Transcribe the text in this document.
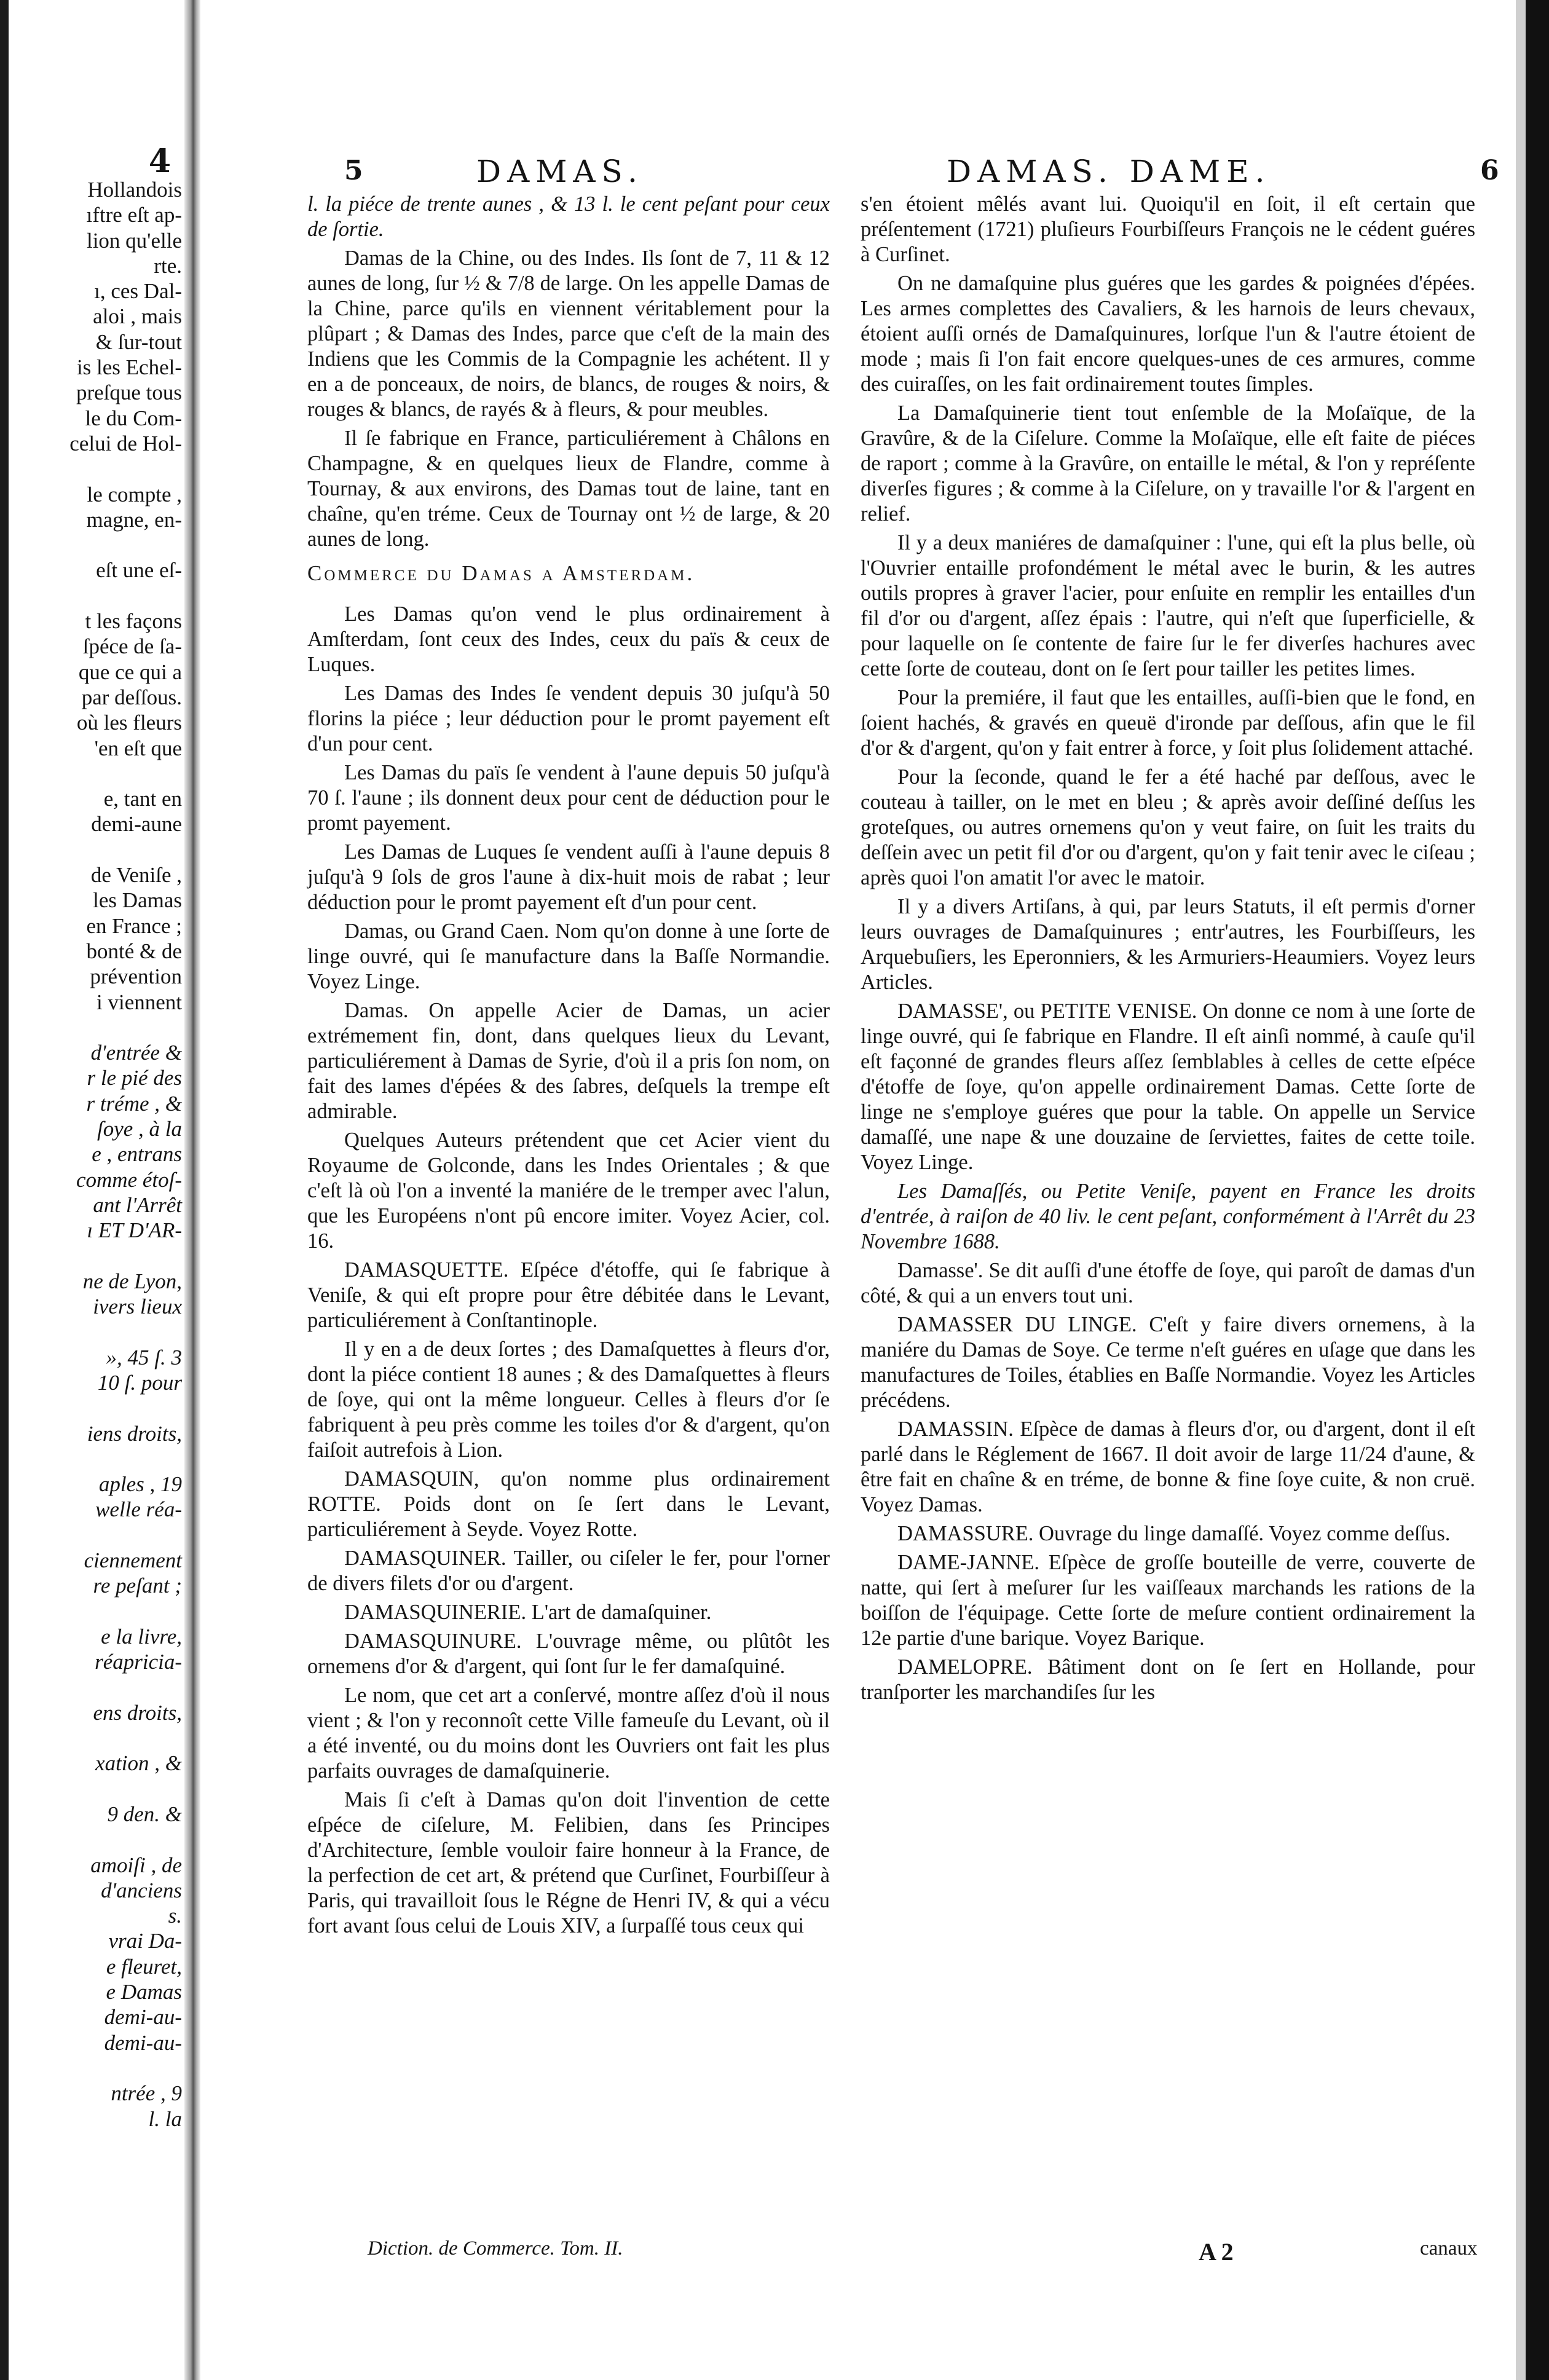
4

Hollandois
ıftre eſt ap-
lion qu'elle
rte.
ı, ces Dal-
aloi , mais
& ſur-tout
is les Echel-
preſque tous
le du Com-
celui de Hol-
le compte ,
magne, en-
eſt une eſ-
t les façons
ſpéce de ſa-
que ce qui a
par deſſous.
où les fleurs
'en eſt que
e, tant en
demi-aune
de Veniſe ,
les Damas
en France ;
bonté & de
prévention
i viennent
d'entrée &
r le pié des
r tréme , &
ſoye , à la
e , entrans
comme étoſ-
ant l'Arrêt
ı ET D'AR-
ne de Lyon,
ivers lieux
», 45 ſ. 3
10 ſ. pour
iens droits,
aples , 19
welle réa-
ciennement
re peſant ;
e la livre,
réapricia-
ens droits,
xation , &
9 den. &
amoiſi , de
d'anciens
s.
vrai Da-
e fleuret,
e Damas
demi-au-
demi-au-
ntrée , 9
l. la

5	DAMAS.	DAMAS. DAME.	6

l. la piéce de trente aunes , & 13 l. le cent peſant pour ceux de ſortie.

Damas de la Chine, ou des Indes. Ils ſont de 7, 11 & 12 aunes de long, ſur ½ & 7/8 de large. On les appelle Damas de la Chine, parce qu'ils en viennent véritablement pour la plûpart ; & Damas des Indes, parce que c'eſt de la main des Indiens que les Commis de la Compagnie les achétent. Il y en a de ponceaux, de noirs, de blancs, de rouges & noirs, & rouges & blancs, de rayés & à fleurs, & pour meubles.

Il ſe fabrique en France, particuliérement à Châlons en Champagne, & en quelques lieux de Flandre, comme à Tournay, & aux environs, des Damas tout de laine, tant en chaîne, qu'en tréme. Ceux de Tournay ont ½ de large, & 20 aunes de long.

Commerce du Damas a Amsterdam.

Les Damas qu'on vend le plus ordinairement à Amſterdam, ſont ceux des Indes, ceux du païs & ceux de Luques.

Les Damas des Indes ſe vendent depuis 30 juſqu'à 50 florins la piéce ; leur déduction pour le promt payement eſt d'un pour cent.

Les Damas du païs ſe vendent à l'aune depuis 50 juſqu'à 70 ſ. l'aune ; ils donnent deux pour cent de déduction pour le promt payement.

Les Damas de Luques ſe vendent auſſi à l'aune depuis 8 juſqu'à 9 ſols de gros l'aune à dix-huit mois de rabat ; leur déduction pour le promt payement eſt d'un pour cent.

Damas, ou Grand Caen. Nom qu'on donne à une ſorte de linge ouvré, qui ſe manufacture dans la Baſſe Normandie. Voyez Linge.

Damas. On appelle Acier de Damas, un acier extrémement fin, dont, dans quelques lieux du Levant, particuliérement à Damas de Syrie, d'où il a pris ſon nom, on fait des lames d'épées & des ſabres, deſquels la trempe eſt admirable.

Quelques Auteurs prétendent que cet Acier vient du Royaume de Golconde, dans les Indes Orientales ; & que c'eſt là où l'on a inventé la maniére de le tremper avec l'alun, que les Européens n'ont pû encore imiter. Voyez Acier, col. 16.

DAMASQUETTE. Eſpéce d'étoffe, qui ſe fabrique à Veniſe, & qui eſt propre pour être débitée dans le Levant, particuliérement à Conſtantinople.

Il y en a de deux ſortes ; des Damaſquettes à fleurs d'or, dont la piéce contient 18 aunes ; & des Damaſquettes à fleurs de ſoye, qui ont la même longueur. Celles à fleurs d'or ſe fabriquent à peu près comme les toiles d'or & d'argent, qu'on faiſoit autrefois à Lion.

DAMASQUIN, qu'on nomme plus ordinairement ROTTE. Poids dont on ſe ſert dans le Levant, particuliérement à Seyde. Voyez Rotte.

DAMASQUINER. Tailler, ou ciſeler le fer, pour l'orner de divers filets d'or ou d'argent.

DAMASQUINERIE. L'art de damaſquiner.

DAMASQUINURE. L'ouvrage même, ou plûtôt les ornemens d'or & d'argent, qui ſont ſur le fer damaſquiné.

Le nom, que cet art a conſervé, montre aſſez d'où il nous vient ; & l'on y reconnoît cette Ville fameuſe du Levant, où il a été inventé, ou du moins dont les Ouvriers ont fait les plus parfaits ouvrages de damaſquinerie.

Mais ſi c'eſt à Damas qu'on doit l'invention de cette eſpéce de ciſelure, M. Felibien, dans ſes Principes d'Architecture, ſemble vouloir faire honneur à la France, de la perfection de cet art, & prétend que Curſinet, Fourbiſſeur à Paris, qui travailloit ſous le Régne de Henri IV, & qui a vécu fort avant ſous celui de Louis XIV, a ſurpaſſé tous ceux qui

s'en étoient mêlés avant lui. Quoiqu'il en ſoit, il eſt certain que préſentement (1721) pluſieurs Fourbiſſeurs François ne le cédent guéres à Curſinet.

On ne damaſquine plus guéres que les gardes & poignées d'épées. Les armes complettes des Cavaliers, & les harnois de leurs chevaux, étoient auſſi ornés de Damaſquinures, lorſque l'un & l'autre étoient de mode ; mais ſi l'on fait encore quelques-unes de ces armures, comme des cuiraſſes, on les fait ordinairement toutes ſimples.

La Damaſquinerie tient tout enſemble de la Moſaïque, de la Gravûre, & de la Ciſelure. Comme la Moſaïque, elle eſt faite de piéces de raport ; comme à la Gravûre, on entaille le métal, & l'on y repréſente diverſes figures ; & comme à la Ciſelure, on y travaille l'or & l'argent en relief.

Il y a deux maniéres de damaſquiner : l'une, qui eſt la plus belle, où l'Ouvrier entaille profondément le métal avec le burin, & les autres outils propres à graver l'acier, pour enſuite en remplir les entailles d'un fil d'or ou d'argent, aſſez épais : l'autre, qui n'eſt que ſuperficielle, & pour laquelle on ſe contente de faire ſur le fer diverſes hachures avec cette ſorte de couteau, dont on ſe ſert pour tailler les petites limes.

Pour la premiére, il faut que les entailles, auſſi-bien que le fond, en ſoient hachés, & gravés en queuë d'ironde par deſſous, afin que le fil d'or & d'argent, qu'on y fait entrer à force, y ſoit plus ſolidement attaché.

Pour la ſeconde, quand le fer a été haché par deſſous, avec le couteau à tailler, on le met en bleu ; & après avoir deſſiné deſſus les groteſques, ou autres ornemens qu'on y veut faire, on ſuit les traits du deſſein avec un petit fil d'or ou d'argent, qu'on y fait tenir avec le ciſeau ; après quoi l'on amatit l'or avec le matoir.

Il y a divers Artiſans, à qui, par leurs Statuts, il eſt permis d'orner leurs ouvrages de Damaſquinures ; entr'autres, les Fourbiſſeurs, les Arquebuſiers, les Eperonniers, & les Armuriers-Heaumiers. Voyez leurs Articles.

DAMASSE', ou PETITE VENISE. On donne ce nom à une ſorte de linge ouvré, qui ſe fabrique en Flandre. Il eſt ainſi nommé, à cauſe qu'il eſt façonné de grandes fleurs aſſez ſemblables à celles de cette eſpéce d'étoffe de ſoye, qu'on appelle ordinairement Damas. Cette ſorte de linge ne s'employe guéres que pour la table. On appelle un Service damaſſé, une nape & une douzaine de ſerviettes, faites de cette toile. Voyez Linge.

Les Damaſſés, ou Petite Veniſe, payent en France les droits d'entrée, à raiſon de 40 liv. le cent peſant, conformément à l'Arrêt du 23 Novembre 1688.

Damasse'. Se dit auſſi d'une étoffe de ſoye, qui paroît de damas d'un côté, & qui a un envers tout uni.

DAMASSER DU LINGE. C'eſt y faire divers ornemens, à la maniére du Damas de Soye. Ce terme n'eſt guéres en uſage que dans les manufactures de Toiles, établies en Baſſe Normandie. Voyez les Articles précédens.

DAMASSIN. Eſpèce de damas à fleurs d'or, ou d'argent, dont il eſt parlé dans le Réglement de 1667. Il doit avoir de large 11/24 d'aune, & être fait en chaîne & en tréme, de bonne & fine ſoye cuite, & non cruë. Voyez Damas.

DAMASSURE. Ouvrage du linge damaſſé. Voyez comme deſſus.

DAME-JANNE. Eſpèce de groſſe bouteille de verre, couverte de natte, qui ſert à meſurer ſur les vaiſſeaux marchands les rations de la boiſſon de l'équipage. Cette ſorte de meſure contient ordinairement la 12e partie d'une barique. Voyez Barique.

DAMELOPRE. Bâtiment dont on ſe ſert en Hollande, pour tranſporter les marchandiſes ſur les

Diction. de Commerce. Tom. II.	A 2	canaux
